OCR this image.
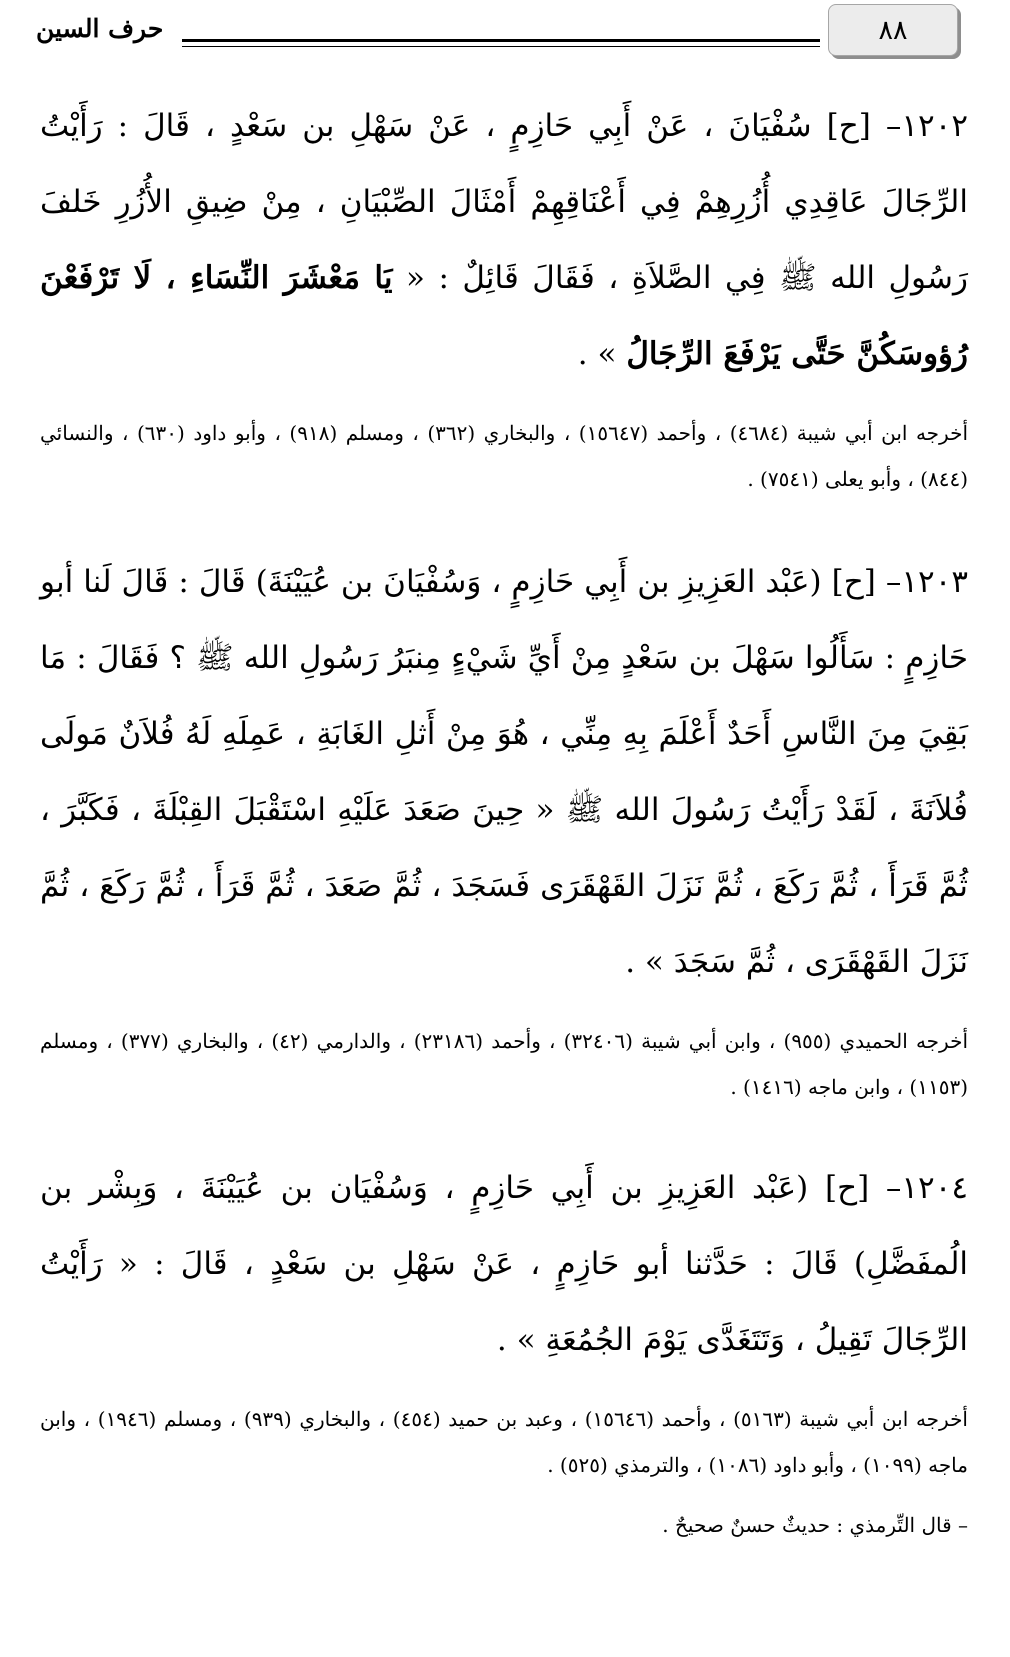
٨٨
حرف السين

١٢٠٢– [ح] سُفْيَانَ ، عَنْ أَبِي حَازِمٍ ، عَنْ سَهْلِ بن سَعْدٍ ، قَالَ : رَأَيْتُ الرِّجَالَ عَاقِدِي أُزُرِهِمْ فِي أَعْنَاقِهِمْ أَمْثَالَ الصِّبْيَانِ ، مِنْ ضِيقِ الأُزُرِ خَلفَ رَسُولِ الله ﷺ فِي الصَّلاَةِ ، فَقَالَ قَائِلٌ : « يَا مَعْشَرَ النِّسَاءِ ، لَا تَرْفَعْنَ رُؤوسَكُنَّ حَتَّى يَرْفَعَ الرِّجَالُ » .

أخرجه ابن أبي شيبة (٤٦٨٤) ، وأحمد (١٥٦٤٧) ، والبخاري (٣٦٢) ، ومسلم (٩١٨) ، وأبو داود (٦٣٠) ، والنسائي (٨٤٤) ، وأبو يعلى (٧٥٤١) .

١٢٠٣– [ح] (عَبْد العَزِيزِ بن أَبِي حَازِمٍ ، وَسُفْيَانَ بن عُيَيْنَةَ) قَالَ : قَالَ لَنا أبو حَازِمٍ : سَأَلُوا سَهْلَ بن سَعْدٍ مِنْ أَيِّ شَيْءٍ مِنبَرُ رَسُولِ الله ﷺ ؟ فَقَالَ : مَا بَقِيَ مِنَ النَّاسِ أَحَدٌ أَعْلَمَ بِهِ مِنِّي ، هُوَ مِنْ أَثلِ الغَابَةِ ، عَمِلَهِ لَهُ فُلاَنٌ مَولَى فُلاَنَةَ ، لَقَدْ رَأَيْتُ رَسُولَ الله ﷺ « حِينَ صَعَدَ عَلَيْهِ اسْتَقْبَلَ القِبْلَةَ ، فَكَبَّرَ ، ثُمَّ قَرَأَ ، ثُمَّ رَكَعَ ، ثُمَّ نَزَلَ القَهْقَرَى فَسَجَدَ ، ثُمَّ صَعَدَ ، ثُمَّ قَرَأَ ، ثُمَّ رَكَعَ ، ثُمَّ نَزَلَ القَهْقَرَى ، ثُمَّ سَجَدَ » .

أخرجه الحميدي (٩٥٥) ، وابن أبي شيبة (٣٢٤٠٦) ، وأحمد (٢٣١٨٦) ، والدارمي (٤٢) ، والبخاري (٣٧٧) ، ومسلم (١١٥٣) ، وابن ماجه (١٤١٦) .

١٢٠٤– [ح] (عَبْد العَزِيزِ بن أَبِي حَازِمٍ ، وَسُفْيَان بن عُيَيْنَةَ ، وَبِشْر بن الُمفَضَّلِ) قَالَ : حَدَّثنا أبو حَازِمٍ ، عَنْ سَهْلِ بن سَعْدٍ ، قَالَ : « رَأَيْتُ الرِّجَالَ تَقِيلُ ، وَتَتَغَدَّى يَوْمَ الجُمُعَةِ » .

أخرجه ابن أبي شيبة (٥١٦٣) ، وأحمد (١٥٦٤٦) ، وعبد بن حميد (٤٥٤) ، والبخاري (٩٣٩) ، ومسلم (١٩٤٦) ، وابن ماجه (١٠٩٩) ، وأبو داود (١٠٨٦) ، والترمذي (٥٢٥) .

– قال التِّرمذي : حديثٌ حسنٌ صحيحٌ .
